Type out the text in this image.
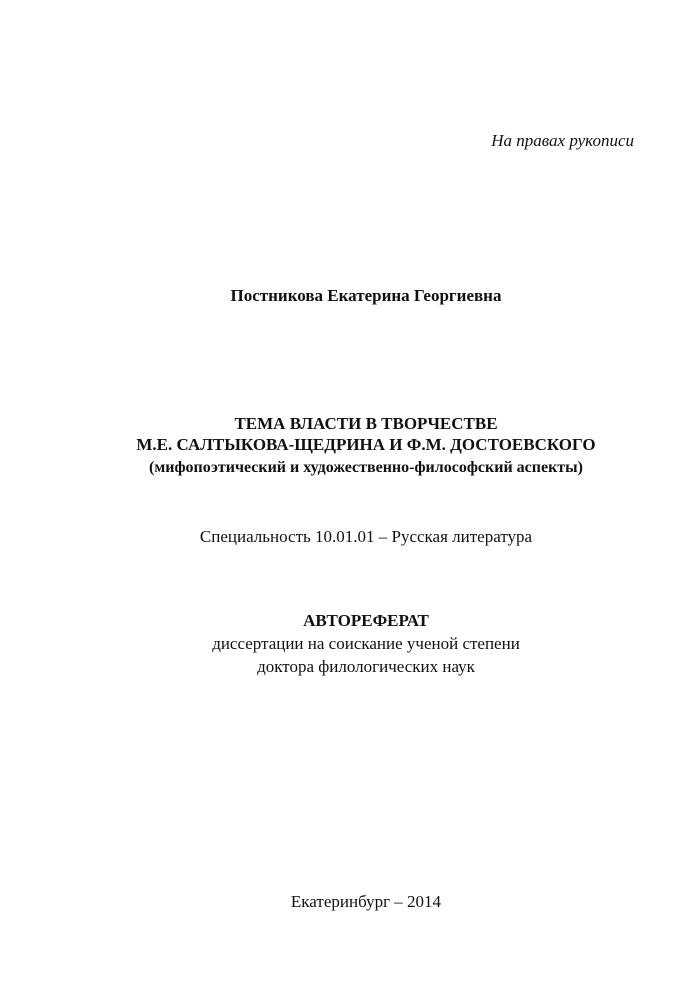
На правах рукописи
Постникова Екатерина Георгиевна
ТЕМА ВЛАСТИ В ТВОРЧЕСТВЕ
М.Е. САЛТЫКОВА-ЩЕДРИНА И Ф.М. ДОСТОЕВСКОГО
(мифопоэтический и художественно-философский аспекты)
Специальность 10.01.01 – Русская литература
АВТОРЕФЕРАТ
диссертации на соискание ученой степени
доктора филологических наук
Екатеринбург – 2014
